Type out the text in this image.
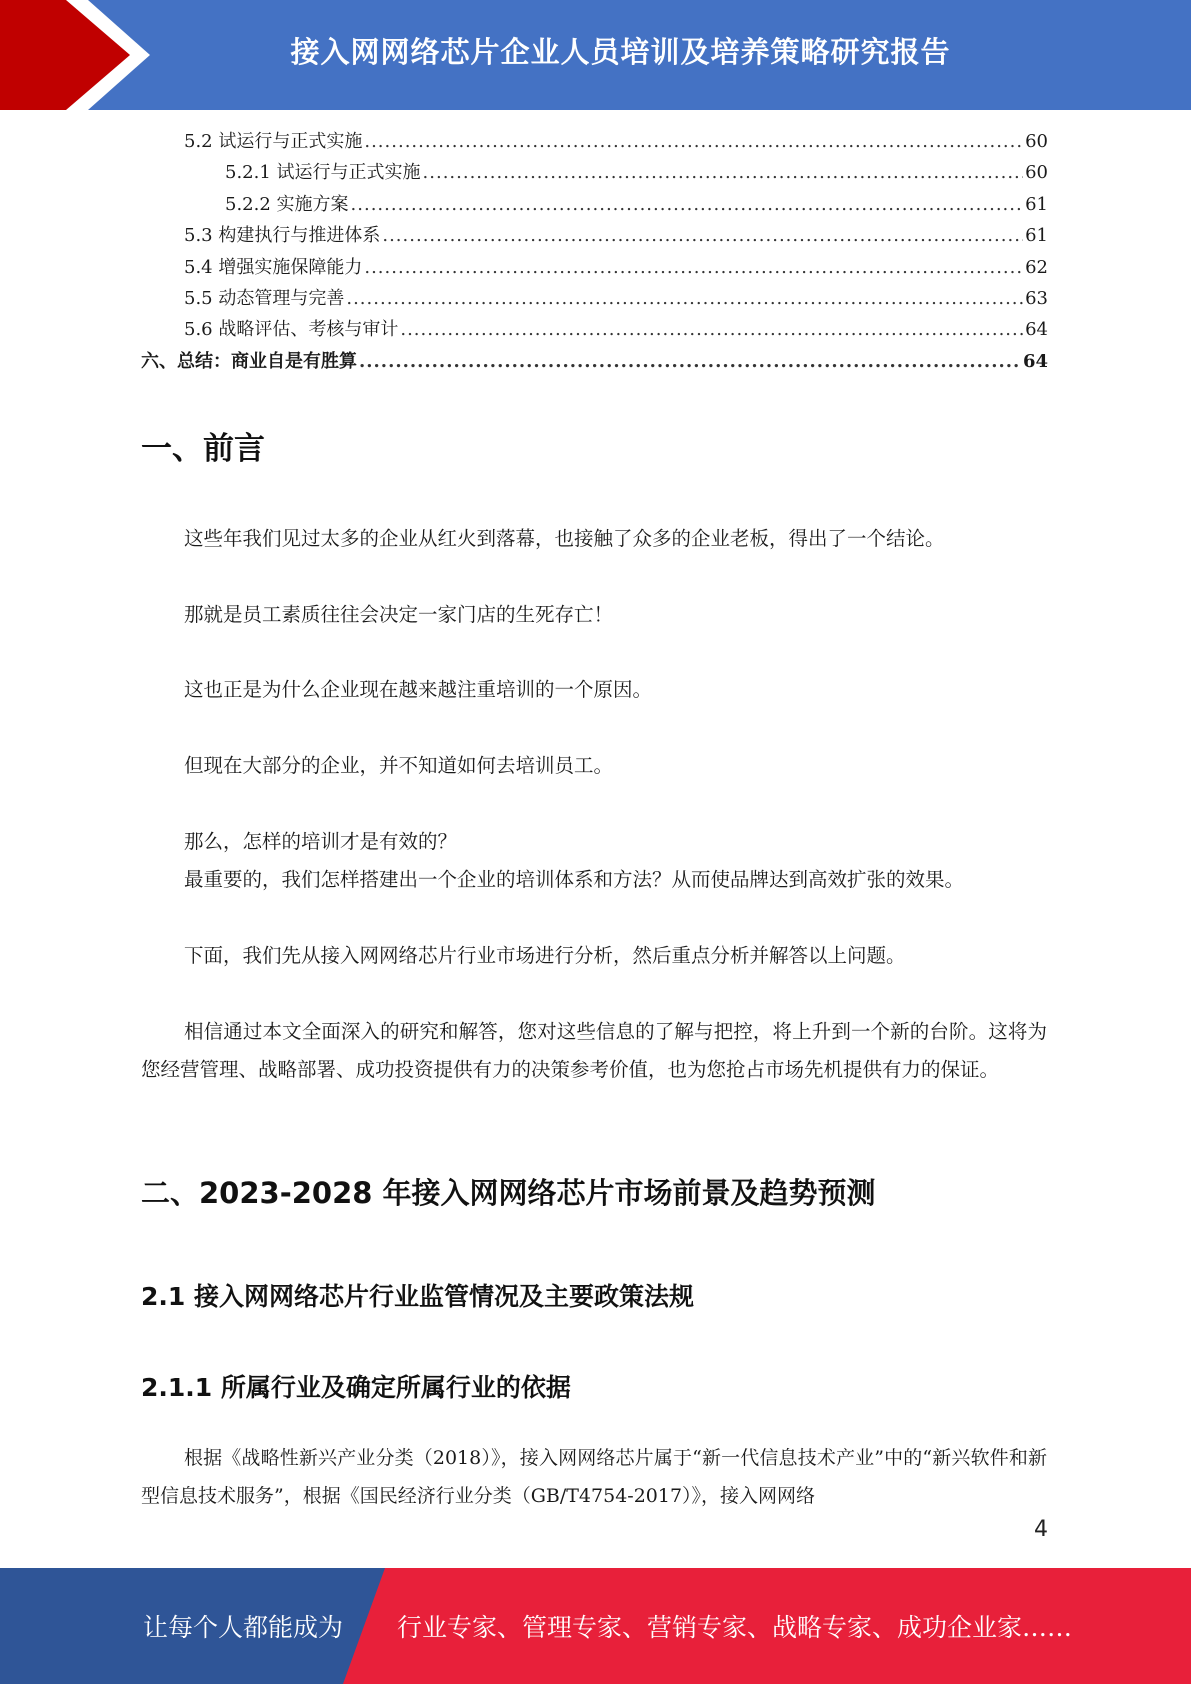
接入网网络芯片企业人员培训及培养策略研究报告
5.2 试运行与正式实施 .....	60
5.2.1 试运行与正式实施 .....	60
5.2.2 实施方案 .....	61
5.3 构建执行与推进体系 .....	61
5.4 增强实施保障能力 .....	62
5.5 动态管理与完善 .....	63
5.6 战略评估、考核与审计 .....	64
六、总结：商业自是有胜算 .....	64
一、前言

这些年我们见过太多的企业从红火到落幕，也接触了众多的企业老板，得出了一个结论。

那就是员工素质往往会决定一家门店的生死存亡！

这也正是为什么企业现在越来越注重培训的一个原因。

但现在大部分的企业，并不知道如何去培训员工。

那么，怎样的培训才是有效的？

最重要的，我们怎样搭建出一个企业的培训体系和方法？从而使品牌达到高效扩张的效果。

下面，我们先从接入网网络芯片行业市场进行分析，然后重点分析并解答以上问题。

相信通过本文全面深入的研究和解答，您对这些信息的了解与把控，将上升到一个新的台阶。这将为您经营管理、战略部署、成功投资提供有力的决策参考价值，也为您抢占市场先机提供有力的保证。

二、2023-2028 年接入网网络芯片市场前景及趋势预测
2.1 接入网网络芯片行业监管情况及主要政策法规
2.1.1 所属行业及确定所属行业的依据

根据《战略性新兴产业分类（2018）》，接入网网络芯片属于“新一代信息技术产业”中的“新兴软件和新型信息技术服务”，根据《国民经济行业分类（GB/T4754-2017）》，接入网网络

4
让每个人都能成为 行业专家、管理专家、营销专家、战略专家、成功企业家……
